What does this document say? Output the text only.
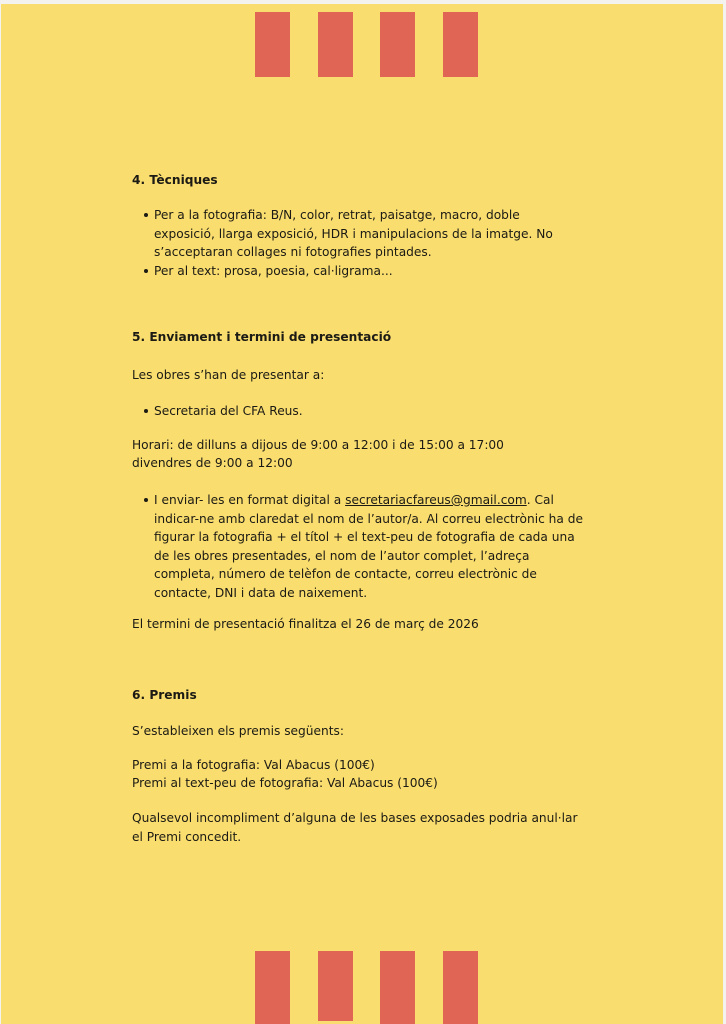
4. Tècniques
Per a la fotografia: B/N, color, retrat, paisatge, macro, doble exposició, llarga exposició, HDR i manipulacions de la imatge. No s’acceptaran collages ni fotografies pintades.
Per al text: prosa, poesia, cal·ligrama...
5. Enviament i termini de presentació
Les obres s’han de presentar a:
Secretaria del CFA Reus.
Horari: de dilluns a dijous de 9:00 a 12:00 i de 15:00 a 17:00
divendres de 9:00 a 12:00
I enviar- les en format digital a secretariacfareus@gmail.com. Cal indicar-ne amb claredat el nom de l’autor/a. Al correu electrònic ha de figurar la fotografia + el títol + el text-peu de fotografia de cada una de les obres presentades, el nom de l’autor complet, l’adreça completa, número de telèfon de contacte, correu electrònic de contacte, DNI i data de naixement.
El termini de presentació finalitza el 26 de març de 2026
6. Premis
S’estableixen els premis següents:
Premi a la fotografia: Val Abacus (100€)
Premi al text-peu de fotografia: Val Abacus (100€)
Qualsevol incompliment d’alguna de les bases exposades podria anul·lar el Premi concedit.
